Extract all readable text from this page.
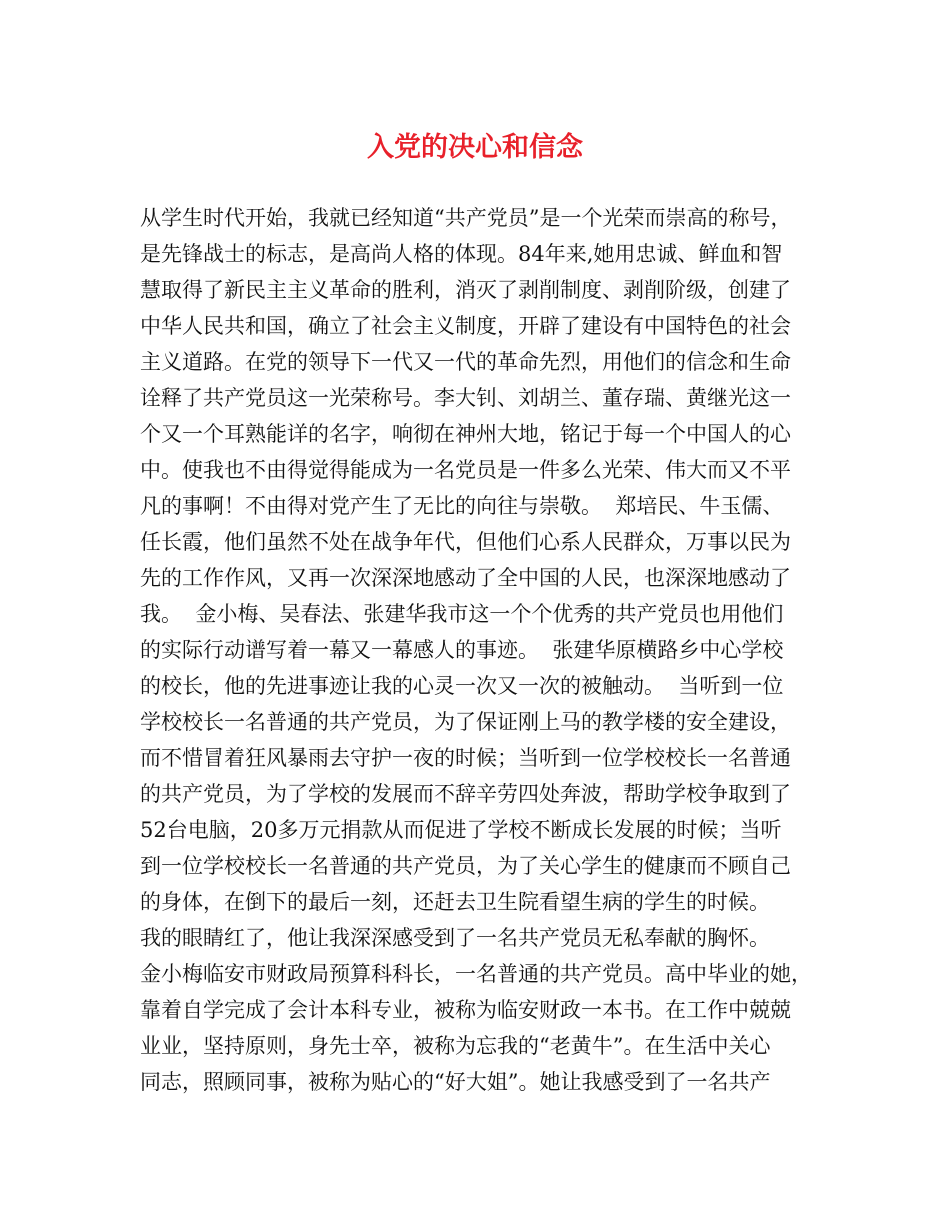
入党的决心和信念
从学生时代开始，我就已经知道“共产党员”是一个光荣而崇高的称号，
是先锋战士的标志，是高尚人格的体现。84年来,她用忠诚、鲜血和智
慧取得了新民主主义革命的胜利，消灭了剥削制度、剥削阶级，创建了
中华人民共和国，确立了社会主义制度，开辟了建设有中国特色的社会
主义道路。在党的领导下一代又一代的革命先烈，用他们的信念和生命
诠释了共产党员这一光荣称号。李大钊、刘胡兰、董存瑞、黄继光这一
个又一个耳熟能详的名字，响彻在神州大地，铭记于每一个中国人的心
中。使我也不由得觉得能成为一名党员是一件多么光荣、伟大而又不平
凡的事啊！不由得对党产生了无比的向往与崇敬。  郑培民、牛玉儒、
任长霞，他们虽然不处在战争年代，但他们心系人民群众，万事以民为
先的工作作风，又再一次深深地感动了全中国的人民，也深深地感动了
我。  金小梅、吴春法、张建华我市这一个个优秀的共产党员也用他们
的实际行动谱写着一幕又一幕感人的事迹。  张建华原横路乡中心学校
的校长，他的先进事迹让我的心灵一次又一次的被触动。  当听到一位
学校校长一名普通的共产党员，为了保证刚上马的教学楼的安全建设，
而不惜冒着狂风暴雨去守护一夜的时候；当听到一位学校校长一名普通
的共产党员，为了学校的发展而不辞辛劳四处奔波，帮助学校争取到了
52台电脑，20多万元捐款从而促进了学校不断成长发展的时候；当听
到一位学校校长一名普通的共产党员，为了关心学生的健康而不顾自己
的身体，在倒下的最后一刻，还赶去卫生院看望生病的学生的时候。
我的眼睛红了，他让我深深感受到了一名共产党员无私奉献的胸怀。
金小梅临安市财政局预算科科长，一名普通的共产党员。高中毕业的她，
靠着自学完成了会计本科专业，被称为临安财政一本书。在工作中兢兢
业业，坚持原则，身先士卒，被称为忘我的“老黄牛”。在生活中关心
同志，照顾同事，被称为贴心的“好大姐”。她让我感受到了一名共产
